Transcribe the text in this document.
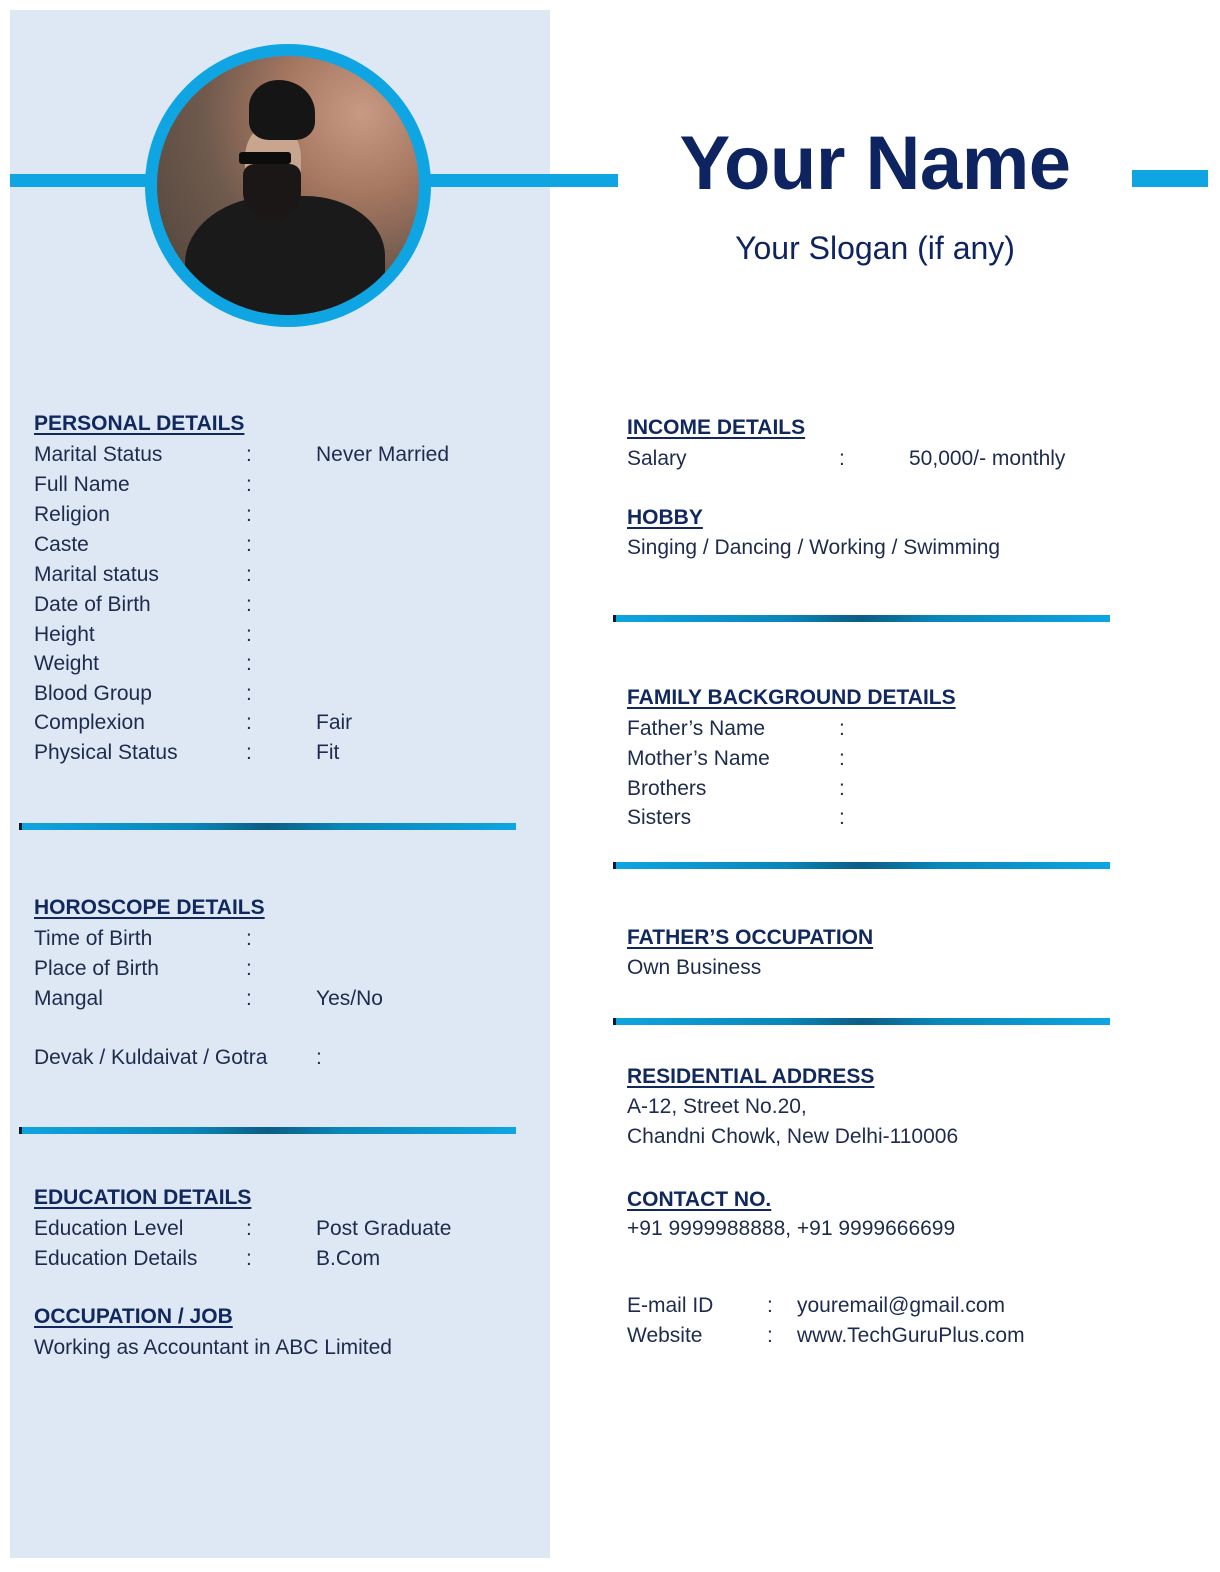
Your Name
Your Slogan (if any)
PERSONAL DETAILS
Marital Status	:	Never Married
Full Name	:
Religion	:
Caste	:
Marital status	:
Date of Birth	:
Height	:
Weight	:
Blood Group	:
Complexion	:	Fair
Physical Status	:	Fit
HOROSCOPE DETAILS
Time of Birth	:
Place of Birth	:
Mangal	:	Yes/No
Devak / Kuldaivat / Gotra :
EDUCATION DETAILS
Education Level	:	Post Graduate
Education Details :	B.Com
OCCUPATION / JOB
Working as Accountant in ABC Limited
INCOME DETAILS
Salary	:	50,000/- monthly
HOBBY
Singing / Dancing / Working / Swimming
FAMILY BACKGROUND DETAILS
Father’s Name	:
Mother’s Name	:
Brothers	:
Sisters	:
FATHER’S OCCUPATION
Own Business
RESIDENTIAL ADDRESS
A-12, Street No.20,
Chandni Chowk, New Delhi-110006
CONTACT NO.
+91 9999988888, +91 9999666699
E-mail ID	: youremail@gmail.com
Website	: www.TechGuruPlus.com
